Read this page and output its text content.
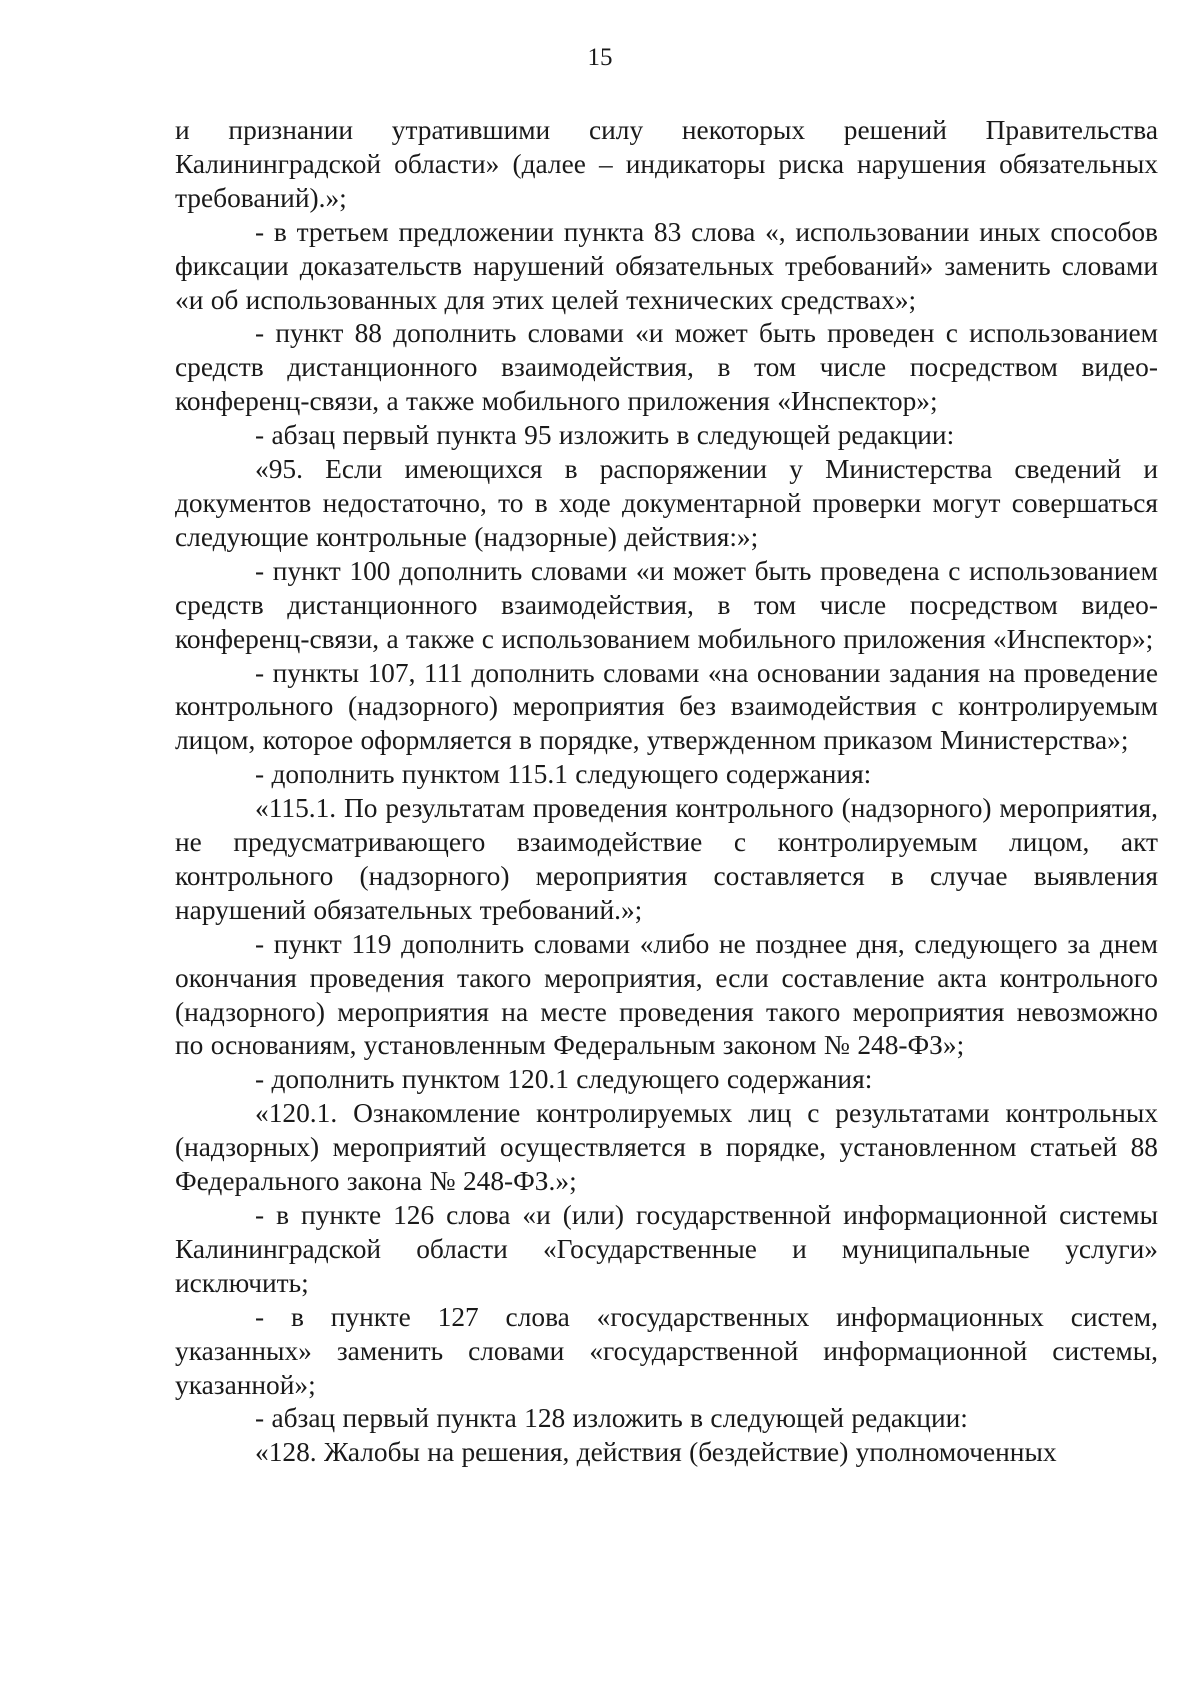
15

и признании утратившими силу некоторых решений Правительства Калининградской области» (далее – индикаторы риска нарушения обязательных требований).»;

- в третьем предложении пункта 83 слова «, использовании иных способов фиксации доказательств нарушений обязательных требований» заменить словами «и об использованных для этих целей технических средствах»;

- пункт 88 дополнить словами «и может быть проведен с использованием средств дистанционного взаимодействия, в том числе посредством видео-конференц-связи, а также мобильного приложения «Инспектор»;

- абзац первый пункта 95 изложить в следующей редакции:

«95. Если имеющихся в распоряжении у Министерства сведений и документов недостаточно, то в ходе документарной проверки могут совершаться следующие контрольные (надзорные) действия:»;

- пункт 100 дополнить словами «и может быть проведена с использованием средств дистанционного взаимодействия, в том числе посредством видео-конференц-связи, а также с использованием мобильного приложения «Инспектор»;

- пункты 107, 111 дополнить словами «на основании задания на проведение контрольного (надзорного) мероприятия без взаимодействия с контролируемым лицом, которое оформляется в порядке, утвержденном приказом Министерства»;

- дополнить пунктом 115.1 следующего содержания:

«115.1. По результатам проведения контрольного (надзорного) мероприятия, не предусматривающего взаимодействие с контролируемым лицом, акт контрольного (надзорного) мероприятия составляется в случае выявления нарушений обязательных требований.»;

- пункт 119 дополнить словами «либо не позднее дня, следующего за днем окончания проведения такого мероприятия, если составление акта контрольного (надзорного) мероприятия на месте проведения такого мероприятия невозможно по основаниям, установленным Федеральным законом № 248-ФЗ»;

- дополнить пунктом 120.1 следующего содержания:

«120.1. Ознакомление контролируемых лиц с результатами контрольных (надзорных) мероприятий осуществляется в порядке, установленном статьей 88 Федерального закона № 248-ФЗ.»;

- в пункте 126 слова «и (или) государственной информационной системы Калининградской области «Государственные и муниципальные услуги» исключить;

- в пункте 127 слова «государственных информационных систем, указанных» заменить словами «государственной информационной системы, указанной»;

- абзац первый пункта 128 изложить в следующей редакции:

«128. Жалобы на решения, действия (бездействие) уполномоченных
